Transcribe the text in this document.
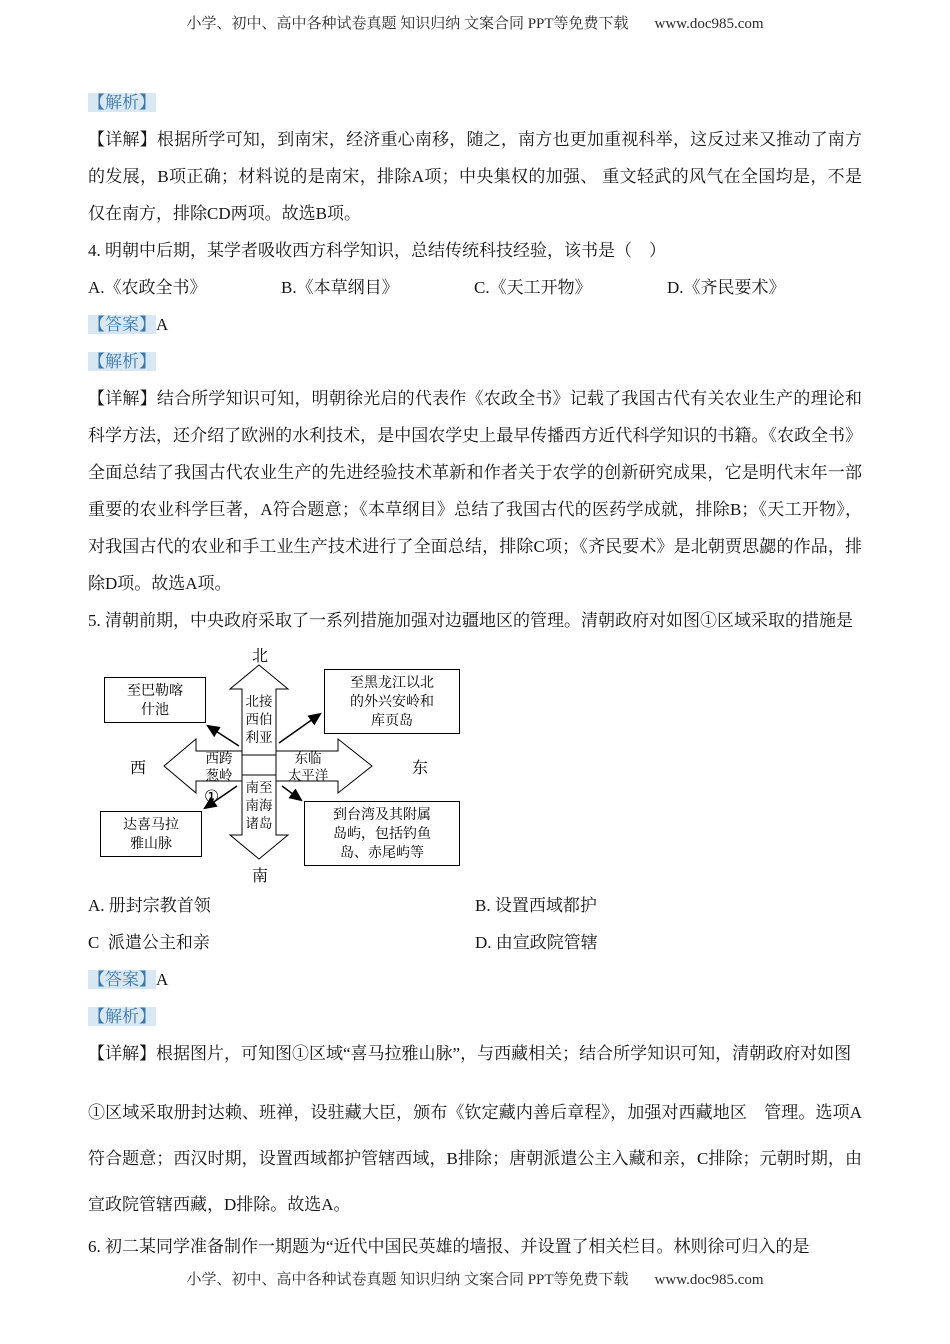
小学、初中、高中各种试卷真题 知识归纳 文案合同 PPT等免费下载 www.doc985.com

【解析】

【详解】根据所学可知，到南宋，经济重心南移，随之，南方也更加重视科举，这反过来又推动了南方的发展，B项正确；材料说的是南宋，排除A项；中央集权的加强、 重文轻武的风气在全国均是，不是仅在南方，排除CD两项。故选B项。

4. 明朝中后期，某学者吸收西方科学知识，总结传统科技经验，该书是（　）

A.《农政全书》	B.《本草纲目》	C.《天工开物》	D.《齐民要术》

【答案】A

【解析】

【详解】结合所学知识可知，明朝徐光启的代表作《农政全书》记载了我国古代有关农业生产的理论和科学方法，还介绍了欧洲的水利技术，是中国农学史上最早传播西方近代科学知识的书籍。《农政全书》全面总结了我国古代农业生产的先进经验技术革新和作者关于农学的创新研究成果，它是明代末年一部重要的农业科学巨著，A符合题意；《本草纲目》总结了我国古代的医药学成就，排除B；《天工开物》，对我国古代的农业和手工业生产技术进行了全面总结，排除C项；《齐民要术》是北朝贾思勰的作品，排除D项。故选A项。

5. 清朝前期，中央政府采取了一系列措施加强对边疆地区的管理。清朝政府对如图①区域采取的措施是

北
西	东
南
北接
西伯
利亚
西跨
葱岭
东临
太平洋
南至
南海
诸岛
至巴勒喀
什池
至黑龙江以北
的外兴安岭和
库页岛
达喜马拉
雅山脉
到台湾及其附属
岛屿，包括钓鱼
岛、赤尾屿等
①
A. 册封宗教首领	B. 设置西域都护
C  派遣公主和亲	D. 由宣政院管辖

【答案】A

【解析】

【详解】根据图片，可知图①区域“喜马拉雅山脉”，与西藏相关；结合所学知识可知，清朝政府对如图

①区域采取册封达赖、班禅，设驻藏大臣，颁布《钦定藏内善后章程》，加强对西藏地区　管理。选项A符合题意；西汉时期，设置西域都护管辖西域，B排除；唐朝派遣公主入藏和亲，C排除；元朝时期，由宣政院管辖西藏，D排除。故选A。

6. 初二某同学准备制作一期题为“近代中国民英雄的墙报、并设置了相关栏目。林则徐可归入的是

小学、初中、高中各种试卷真题 知识归纳 文案合同 PPT等免费下载 www.doc985.com
